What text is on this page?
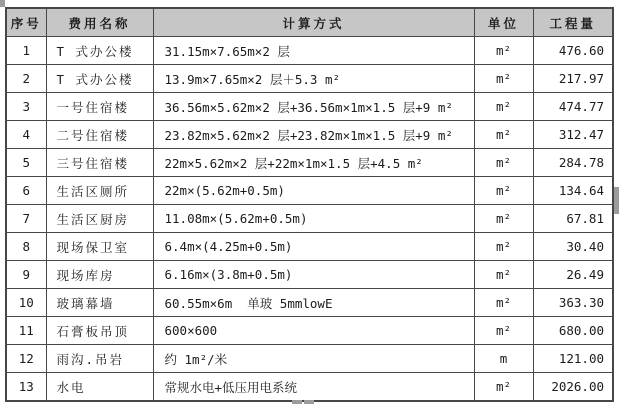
序号	费用名称	计算方式	单位	工程量
1	T 式办公楼	31.15m×7.65m×2 层	m²	476.60
2	T 式办公楼	13.9m×7.65m×2 层＋5.3 m²	m²	217.97
3	一号住宿楼	36.56m×5.62m×2 层+36.56m×1m×1.5 层+9 m²	m²	474.77
4	二号住宿楼	23.82m×5.62m×2 层+23.82m×1m×1.5 层+9 m²	m²	312.47
5	三号住宿楼	22m×5.62m×2 层+22m×1m×1.5 层+4.5 m²	m²	284.78
6	生活区厕所	22m×(5.62m+0.5m)	m²	134.64
7	生活区厨房	11.08m×(5.62m+0.5m)	m²	67.81
8	现场保卫室	6.4m×(4.25m+0.5m)	m²	30.40
9	现场库房	6.16m×(3.8m+0.5m)	m²	26.49
10	玻璃幕墙	60.55m×6m  单玻 5mmlowE	m²	363.30
11	石膏板吊顶	600×600	m²	680.00
12	雨沟.吊岩	约 1m²/米	m	121.00
13	水电	常规水电+低压用电系统	m²	2026.00
